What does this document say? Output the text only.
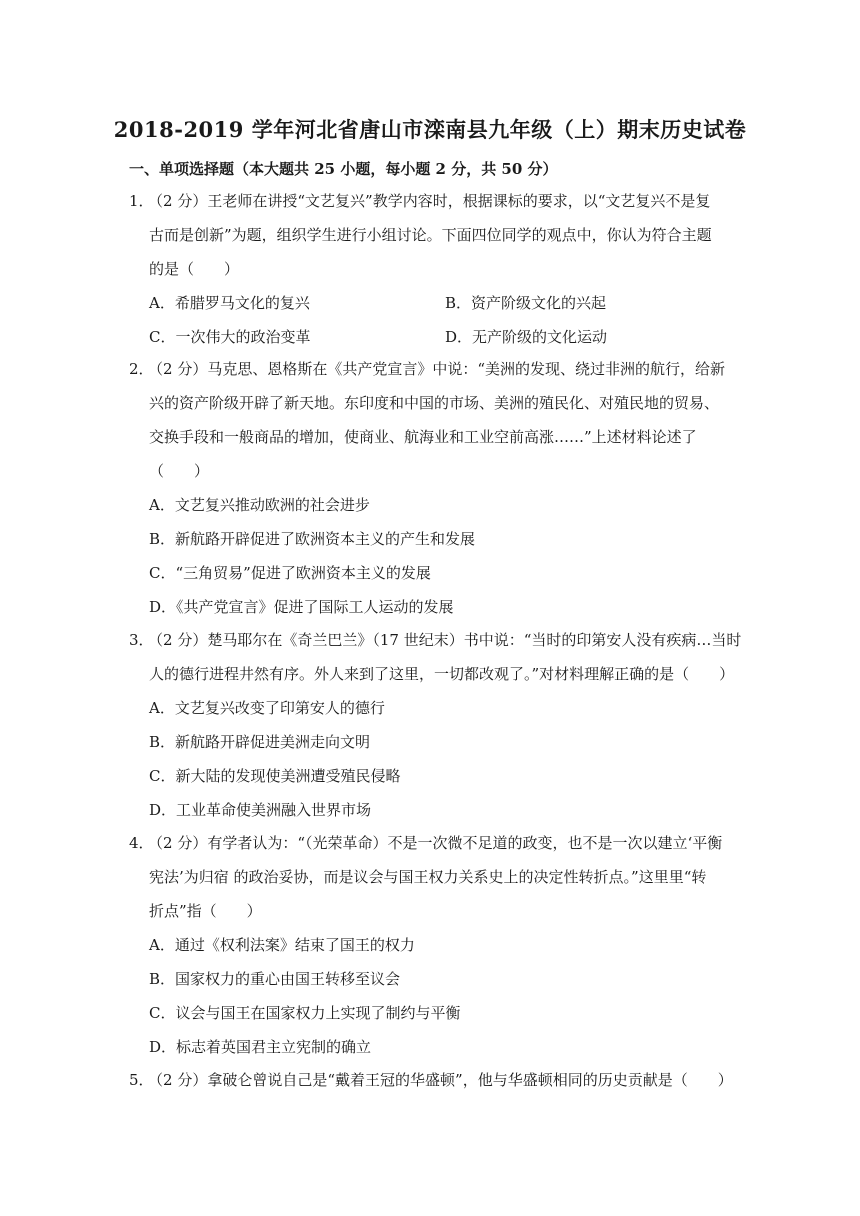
2018-2019 学年河北省唐山市滦南县九年级（上）期末历史试卷
一、单项选择题（本大题共 25 小题，每小题 2 分，共 50 分）
1． （2 分）王老师在讲授“文艺复兴”教学内容时，根据课标的要求，以“文艺复兴不是复
古而是创新”为题，组织学生进行小组讨论。下面四位同学的观点中，你认为符合主题
的是（　　）
A．希腊罗马文化的复兴	B．资产阶级文化的兴起
C．一次伟大的政治变革	D．无产阶级的文化运动
2． （2 分）马克思、恩格斯在《共产党宣言》中说：“美洲的发现、绕过非洲的航行，给新
兴的资产阶级开辟了新天地。东印度和中国的市场、美洲的殖民化、对殖民地的贸易、
交换手段和一般商品的增加，使商业、航海业和工业空前高涨……”上述材料论述了
（　　）
A．文艺复兴推动欧洲的社会进步
B．新航路开辟促进了欧洲资本主义的产生和发展
C．“三角贸易”促进了欧洲资本主义的发展
D．《共产党宣言》促进了国际工人运动的发展
3． （2 分）楚马耶尔在《奇兰巴兰》（17 世纪末）书中说：“当时的印第安人没有疾病…当时
人的德行进程井然有序。外人来到了这里，一切都改观了。”对材料理解正确的是（　　）
A．文艺复兴改变了印第安人的德行
B．新航路开辟促进美洲走向文明
C．新大陆的发现使美洲遭受殖民侵略
D．工业革命使美洲融入世界市场
4． （2 分）有学者认为：“（光荣革命）不是一次微不足道的政变，也不是一次以建立‘平衡
宪法’为归宿 的政治妥协，而是议会与国王权力关系史上的决定性转折点。”这里里“转
折点”指（　　）
A．通过《权利法案》结束了国王的权力
B．国家权力的重心由国王转移至议会
C．议会与国王在国家权力上实现了制约与平衡
D．标志着英国君主立宪制的确立
5． （2 分）拿破仑曾说自己是“戴着王冠的华盛顿”，他与华盛顿相同的历史贡献是（　　）
